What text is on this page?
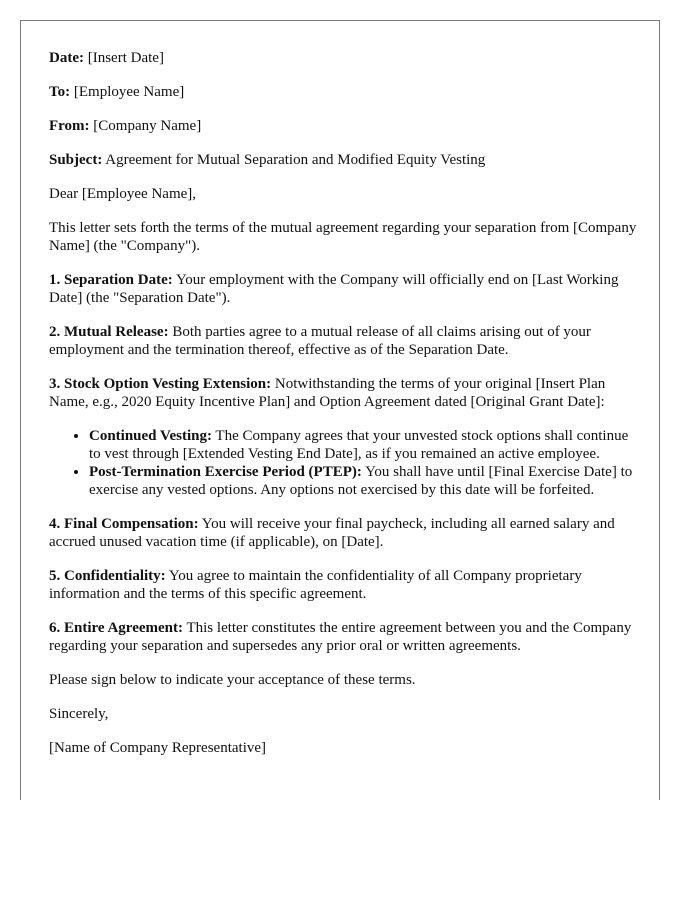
Date: [Insert Date]

To: [Employee Name]

From: [Company Name]

Subject: Agreement for Mutual Separation and Modified Equity Vesting

Dear [Employee Name],

This letter sets forth the terms of the mutual agreement regarding your separation from [Company Name] (the "Company").

1. Separation Date: Your employment with the Company will officially end on [Last Working Date] (the "Separation Date").

2. Mutual Release: Both parties agree to a mutual release of all claims arising out of your employment and the termination thereof, effective as of the Separation Date.

3. Stock Option Vesting Extension: Notwithstanding the terms of your original [Insert Plan Name, e.g., 2020 Equity Incentive Plan] and Option Agreement dated [Original Grant Date]:

• Continued Vesting: The Company agrees that your unvested stock options shall continue to vest through [Extended Vesting End Date], as if you remained an active employee.
• Post-Termination Exercise Period (PTEP): You shall have until [Final Exercise Date] to exercise any vested options. Any options not exercised by this date will be forfeited.

4. Final Compensation: You will receive your final paycheck, including all earned salary and accrued unused vacation time (if applicable), on [Date].

5. Confidentiality: You agree to maintain the confidentiality of all Company proprietary information and the terms of this specific agreement.

6. Entire Agreement: This letter constitutes the entire agreement between you and the Company regarding your separation and supersedes any prior oral or written agreements.

Please sign below to indicate your acceptance of these terms.

Sincerely,

[Name of Company Representative]
